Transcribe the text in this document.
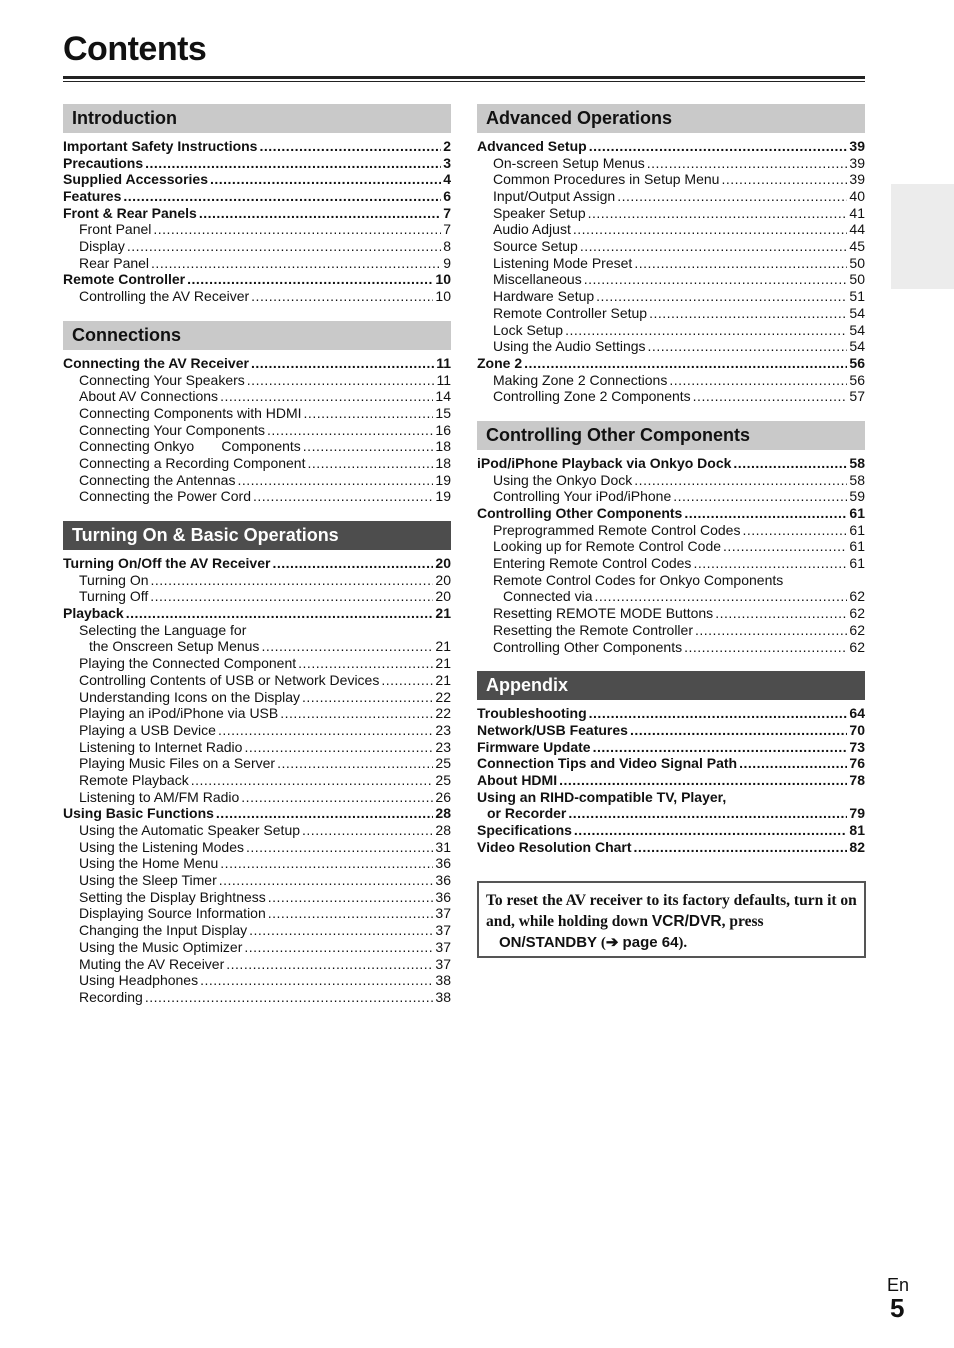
Contents
Introduction
Important Safety Instructions .....	2
Precautions .....	3
Supplied Accessories .....	4
Features .....	6
Front & Rear Panels .....	7
Front Panel .....	7
Display .....	8
Rear Panel .....	9
Remote Controller .....	10
Controlling the AV Receiver .....	10
Connections
Connecting the AV Receiver .....	11
Connecting Your Speakers .....	11
About AV Connections .....	14
Connecting Components with HDMI .....	15
Connecting Your Components .....	16
Connecting Onkyo       Components .....	18
Connecting a Recording Component .....	18
Connecting the Antennas .....	19
Connecting the Power Cord .....	19
Turning On & Basic Operations
Turning On/Off the AV Receiver .....	20
Turning On .....	20
Turning Off .....	20
Playback .....	21
Selecting the Language for
the Onscreen Setup Menus .....	21
Playing the Connected Component .....	21
Controlling Contents of USB or Network Devices .....	21
Understanding Icons on the Display .....	22
Playing an iPod/iPhone via USB .....	22
Playing a USB Device .....	23
Listening to Internet Radio .....	23
Playing Music Files on a Server .....	25
Remote Playback .....	25
Listening to AM/FM Radio .....	26
Using Basic Functions .....	28
Using the Automatic Speaker Setup .....	28
Using the Listening Modes .....	31
Using the Home Menu .....	36
Using the Sleep Timer .....	36
Setting the Display Brightness .....	36
Displaying Source Information .....	37
Changing the Input Display .....	37
Using the Music Optimizer .....	37
Muting the AV Receiver .....	37
Using Headphones .....	38
Recording .....	38
Advanced Operations
Advanced Setup .....	39
On-screen Setup Menus .....	39
Common Procedures in Setup Menu .....	39
Input/Output Assign .....	40
Speaker Setup .....	41
Audio Adjust .....	44
Source Setup .....	45
Listening Mode Preset .....	50
Miscellaneous .....	50
Hardware Setup .....	51
Remote Controller Setup .....	54
Lock Setup .....	54
Using the Audio Settings .....	54
Zone 2 .....	56
Making Zone 2 Connections .....	56
Controlling Zone 2 Components .....	57
Controlling Other Components
iPod/iPhone Playback via Onkyo Dock .....	58
Using the Onkyo Dock .....	58
Controlling Your iPod/iPhone .....	59
Controlling Other Components .....	61
Preprogrammed Remote Control Codes .....	61
Looking up for Remote Control Code .....	61
Entering Remote Control Codes .....	61
Remote Control Codes for Onkyo Components
Connected via .....	62
Resetting REMOTE MODE Buttons .....	62
Resetting the Remote Controller .....	62
Controlling Other Components .....	62
Appendix
Troubleshooting .....	64
Network/USB Features .....	70
Firmware Update .....	73
Connection Tips and Video Signal Path .....	76
About HDMI .....	78
Using an RIHD-compatible TV, Player,
or Recorder .....	79
Specifications .....	81
Video Resolution Chart .....	82
To reset the AV receiver to its factory defaults, turn it on and, while holding down VCR/DVR, press
ON/STANDBY (➔ page 64).
En
5
